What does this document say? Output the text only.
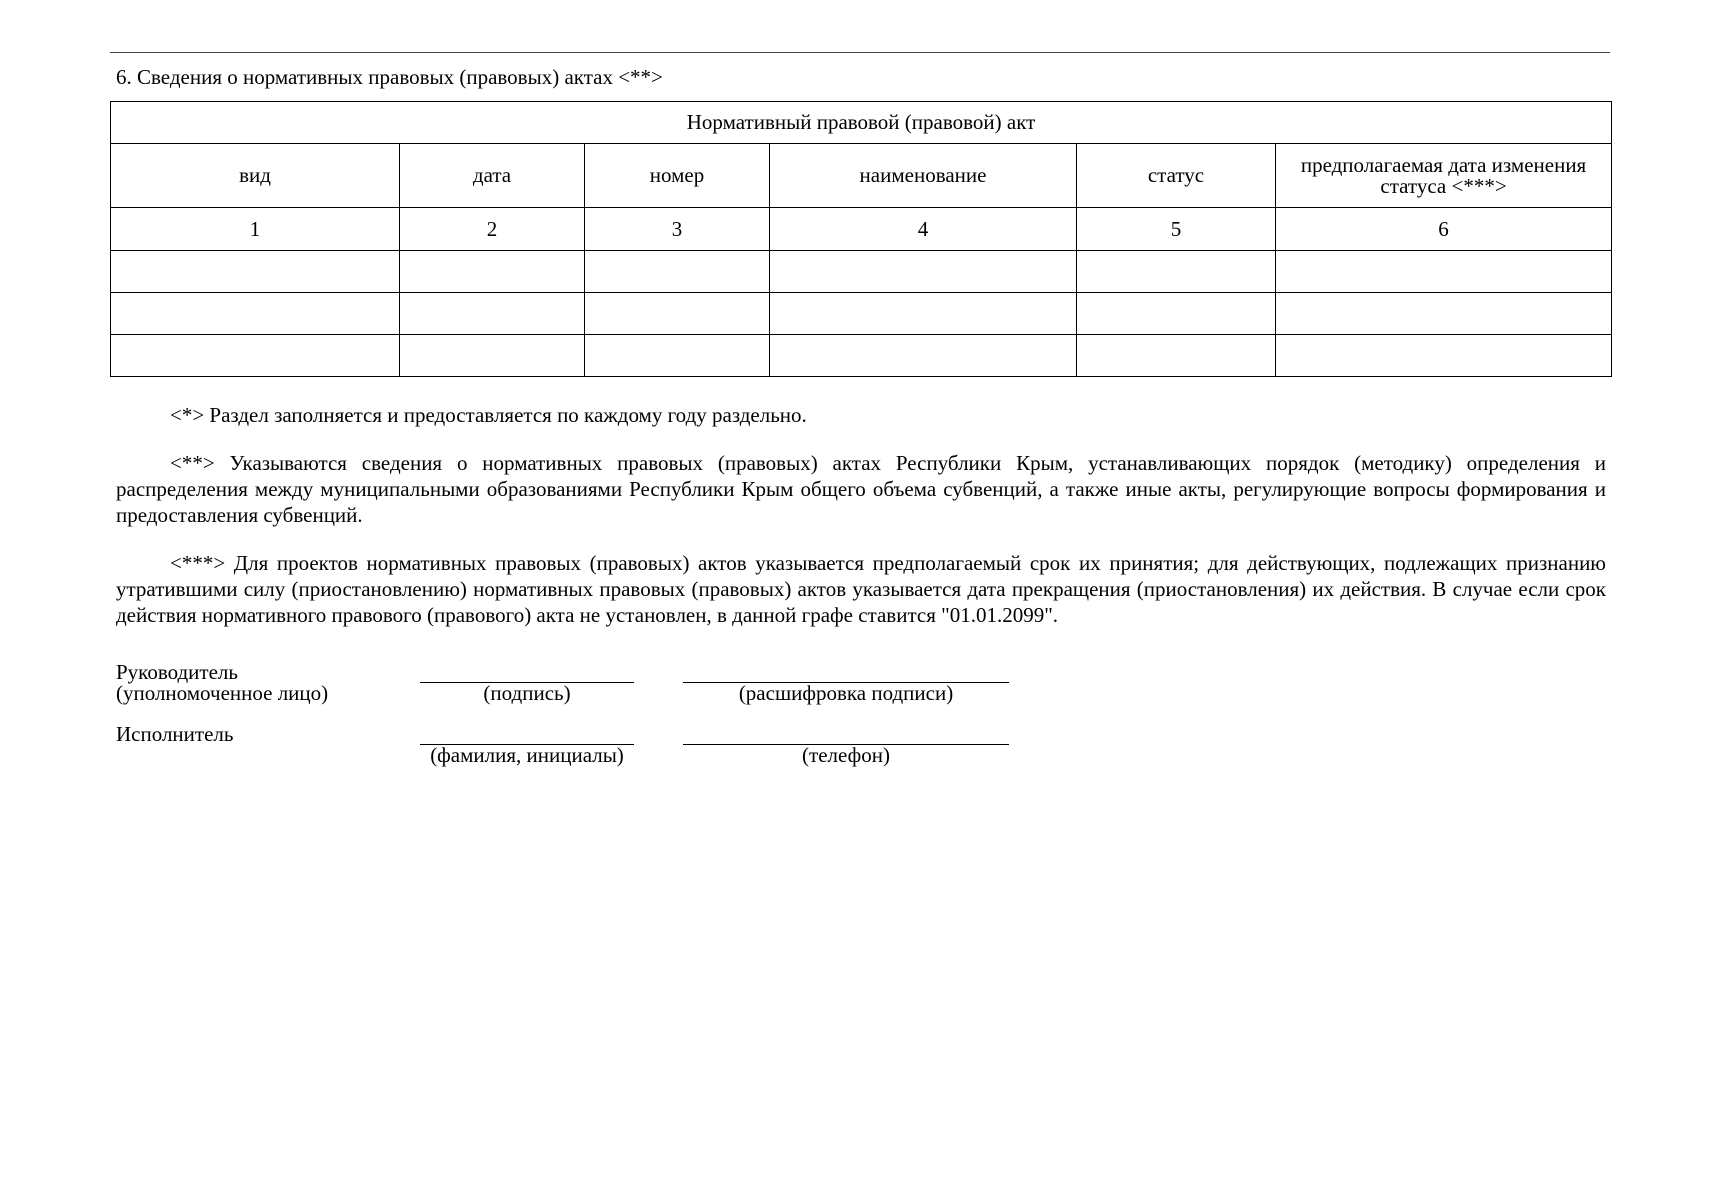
6. Сведения о нормативных правовых (правовых) актах <**>
Нормативный правовой (правовой) акт					
вид	дата	номер	наименование	статус	предполагаемая дата изменения статуса <***>
1	2	3	4	5	6

<*> Раздел заполняется и предоставляется по каждому году раздельно.

<**> Указываются сведения о нормативных правовых (правовых) актах Республики Крым, устанавливающих порядок (методику) определения и распределения между муниципальными образованиями Республики Крым общего объема субвенций, а также иные акты, регулирующие вопросы формирования и предоставления субвенций.

<***> Для проектов нормативных правовых (правовых) актов указывается предполагаемый срок их принятия; для действующих, подлежащих признанию утратившими силу (приостановлению) нормативных правовых (правовых) актов указывается дата прекращения (приостановления) их действия. В случае если срок действия нормативного правового (правового) акта не установлен, в данной графе ставится "01.01.2099".

Руководитель
(уполномоченное лицо)	(подпись)	(расшифровка подписи)
Исполнитель
(фамилия, инициалы)	(телефон)
